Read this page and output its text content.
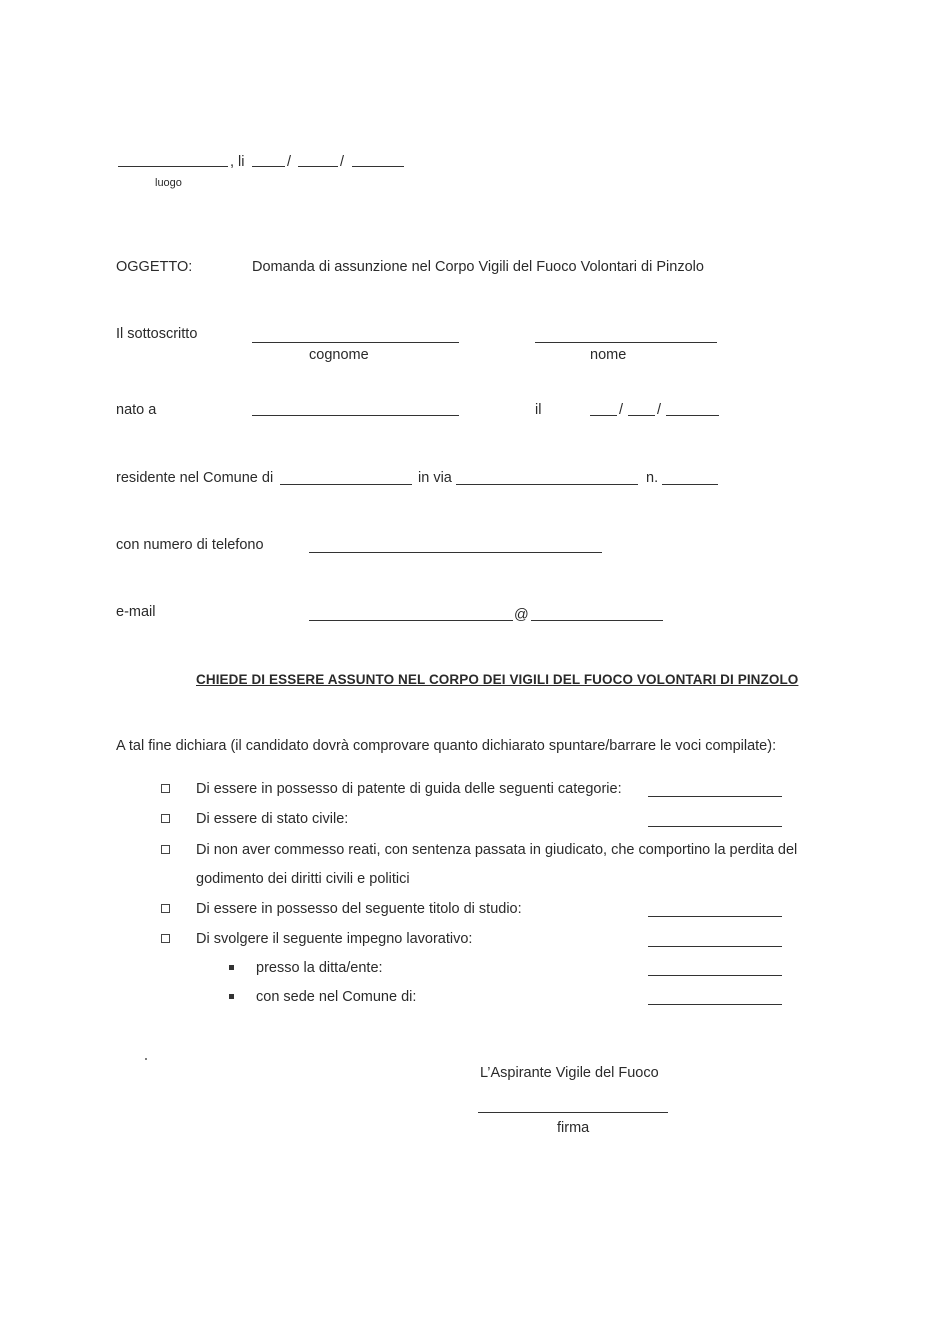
, li	/	/
luogo
OGGETTO:	Domanda di assunzione nel Corpo Vigili del Fuoco Volontari di Pinzolo
Il sottoscritto
cognome	nome
nato a	il	/ /
residente nel Comune di	in via	n.
con numero di telefono
e-mail	@
CHIEDE DI ESSERE ASSUNTO NEL CORPO DEI VIGILI DEL FUOCO VOLONTARI DI PINZOLO
A tal fine dichiara (il candidato dovrà comprovare quanto dichiarato spuntare/barrare le voci compilate):
Di essere in possesso di patente di guida delle seguenti categorie:
Di essere di stato civile:
Di non aver commesso reati, con sentenza passata in giudicato, che comportino la perdita del
godimento dei diritti civili e politici
Di essere in possesso del seguente titolo di studio:
Di svolgere il seguente impegno lavorativo:
presso la ditta/ente:
con sede nel Comune di:
L’Aspirante Vigile del Fuoco
firma
